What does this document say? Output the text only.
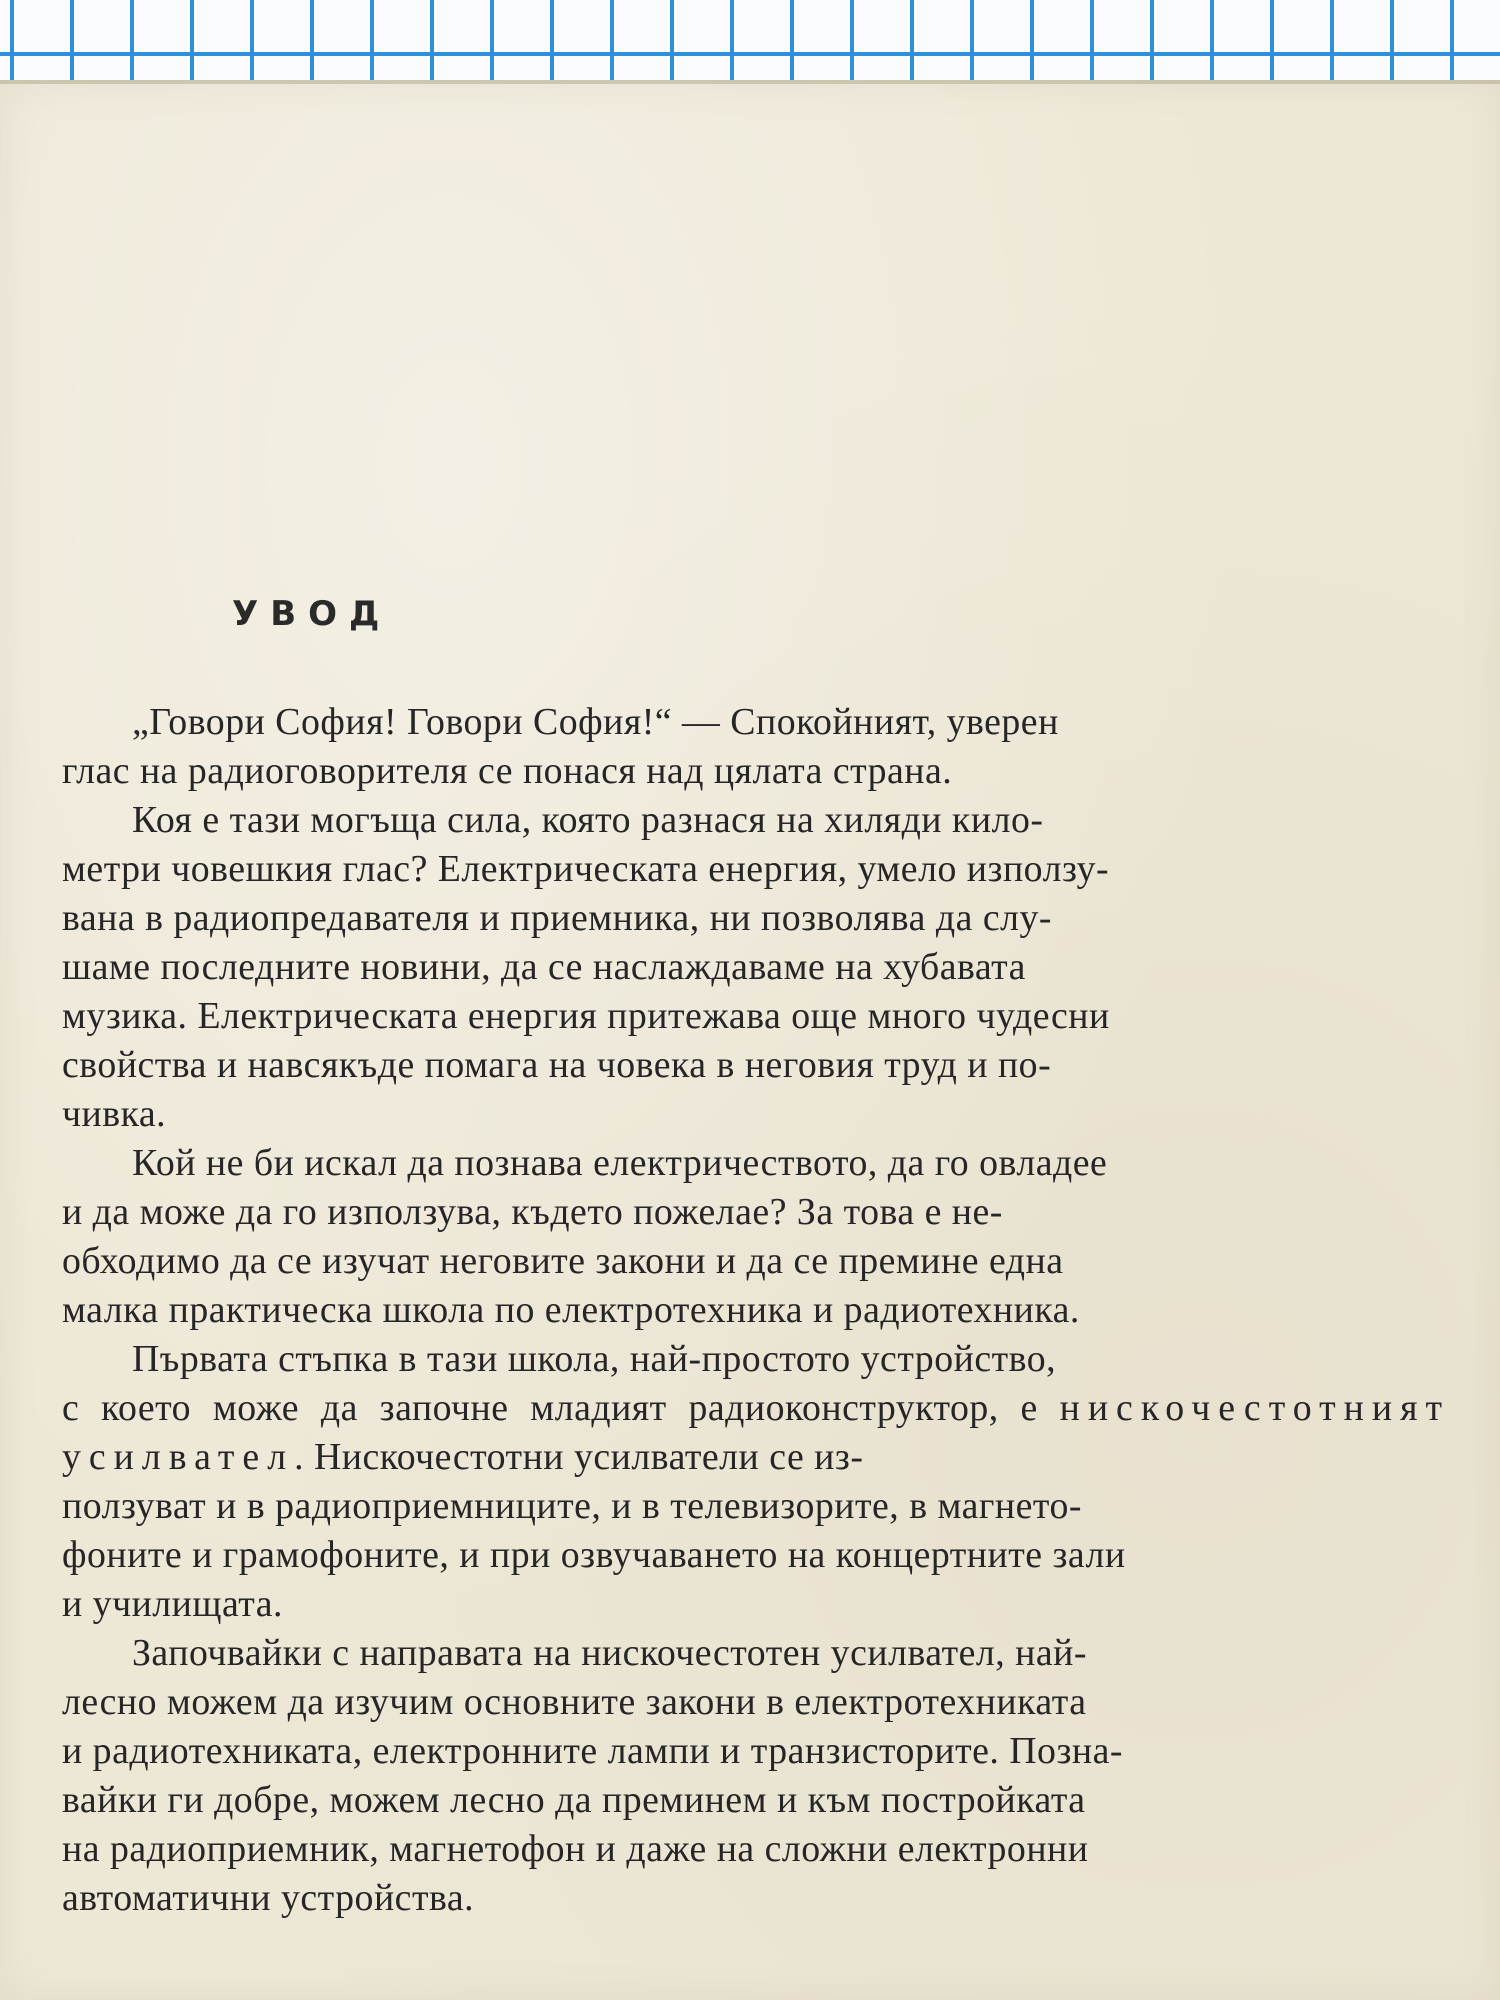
УВОД

„Говори София! Говори София!“ — Спокойният, уверен
глас на радиоговорителя се понася над цялата страна.

Коя е тази могъща сила, която разнася на хиляди кило-
метри човешкия глас? Електрическата енергия, умело използу-
вана в радиопредавателя и приемника, ни позволява да слу-
шаме последните новини, да се наслаждаваме на хубавата
музика. Електрическата енергия притежава още много чудесни
свойства и навсякъде помага на човека в неговия труд и по-
чивка.

Кой не би искал да познава електричеството, да го овладее
и да може да го използува, където пожелае? За това е не-
обходимо да се изучат неговите закони и да се премине една
малка практическа школа по електротехника и радиотехника.

Първата стъпка в тази школа, най-простото устройство,
с което може да започне младият радиоконструктор, е нискочестотният усилвател. Нискочестотни усилватели се из-
ползуват и в радиоприемниците, и в телевизорите, в магнето-
фоните и грамофоните, и при озвучаването на концертните зали
и училищата.

Започвайки с направата на нискочестотен усилвател, най-
лесно можем да изучим основните закони в електротехниката
и радиотехниката, електронните лампи и транзисторите. Позна-
вайки ги добре, можем лесно да преминем и към постройката
на радиоприемник, магнетофон и даже на сложни електронни
автоматични устройства.
